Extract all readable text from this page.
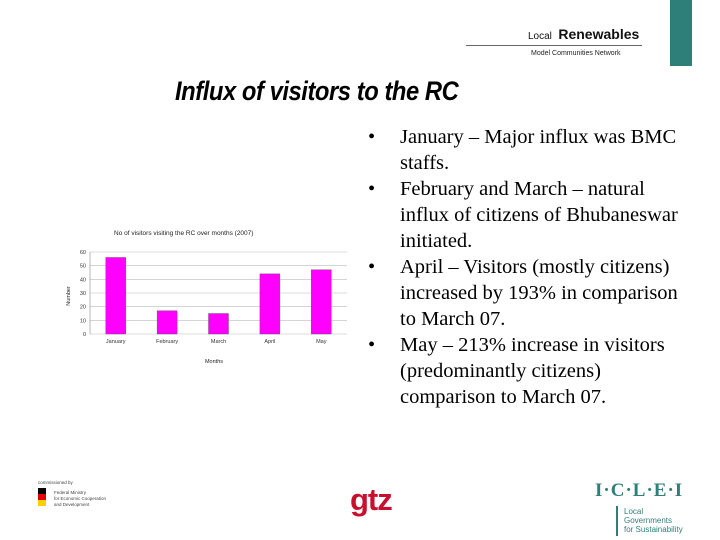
Local Renewables
Model Communities Network
Influx of visitors to the RC
• January – Major influx was BMC staffs.
• February and March – natural influx of citizens of Bhubaneswar initiated.
• April – Visitors (mostly citizens) increased by 193% in comparison to March 07.
• May – 213% increase in visitors (predominantly citizens) comparison to March 07.
No of visitors visiting the RC over months (2007)
Number
Months
0
10
20
30
40
50
60
January	February	March	April	May
commissioned by
Federal Ministry
for Economic Cooperation
and Development	gtz	I·C·L·E·I
Local
Governments
for Sustainability
